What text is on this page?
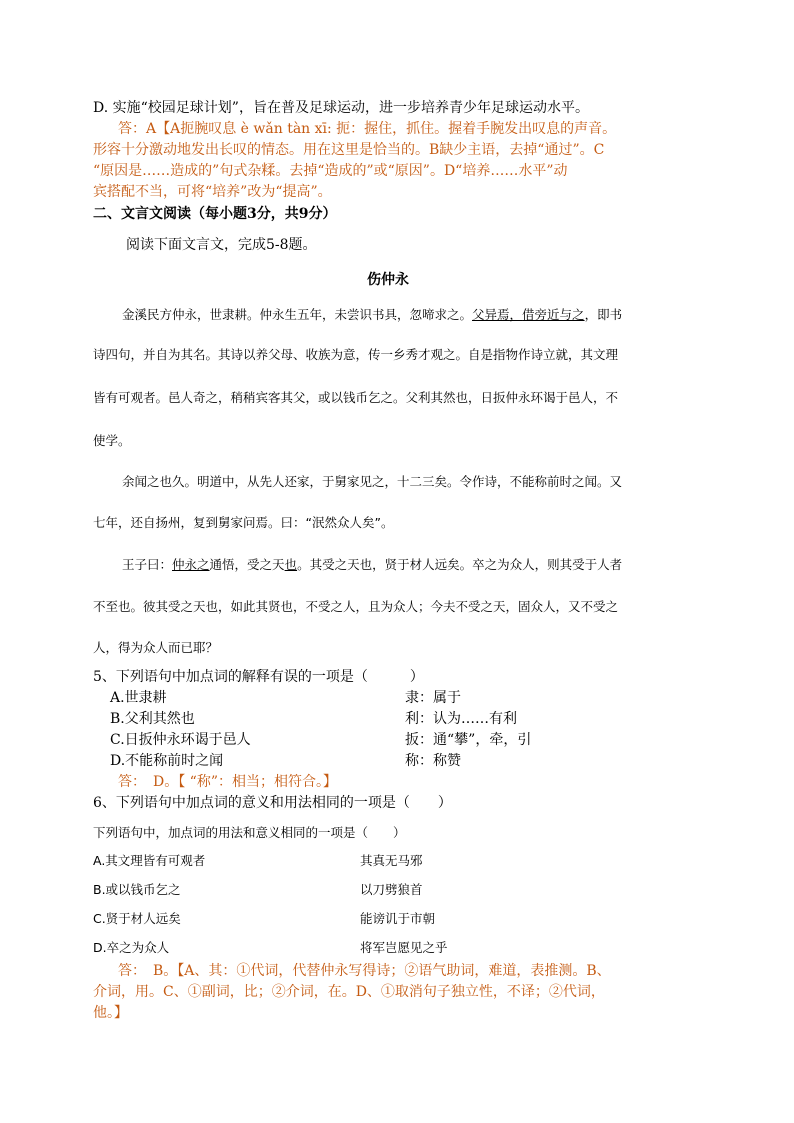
D. 实施“校园足球计划”，旨在普及足球运动，进一步培养青少年足球运动水平。
答：A【A扼腕叹息 è wǎn tàn xī: 扼：握住，抓住。握着手腕发出叹息的声音。
形容十分激动地发出长叹的情态。用在这里是恰当的。B缺少主语，去掉“通过”。C
“原因是……造成的”句式杂糅。去掉“造成的”或“原因”。D“培养……水平”动
宾搭配不当，可将“培养”改为“提高”。
二、文言文阅读（每小题3分，共9分）
阅读下面文言文，完成5-8题。
伤仲永
金溪民方仲永，世隶耕。仲永生五年，未尝识书具，忽啼求之。父异焉，借旁近与之，即书
诗四句，并自为其名。其诗以养父母、收族为意，传一乡秀才观之。自是指物作诗立就，其文理
皆有可观者。邑人奇之，稍稍宾客其父，或以钱币乞之。父利其然也，日扳仲永环谒于邑人，不
使学。
余闻之也久。明道中，从先人还家，于舅家见之，十二三矣。令作诗，不能称前时之闻。又
七年，还自扬州，复到舅家问焉。曰：“泯然众人矣”。
王子曰：仲永之通悟，受之天也。其受之天也，贤于材人远矣。卒之为众人，则其受于人者
不至也。彼其受之天也，如此其贤也，不受之人，且为众人；今夫不受之天，固众人，又不受之
人，得为众人而已耶？
5、下列语句中加点词的解释有误的一项是（　　　）
A.世隶耕	隶：属于
B.父利其然也	利：认为……有利
C.日扳仲永环谒于邑人	扳：通“攀”，牵，引
D.不能称前时之闻	称：称赞
答：　D。【 “称”：相当；相符合。】
6、下列语句中加点词的意义和用法相同的一项是（　　）
下列语句中，加点词的用法和意义相同的一项是（　　）
A.其文理皆有可观者	其真无马邪
B.或以钱币乞之	以刀劈狼首
C.贤于材人远矣	能谤讥于市朝
D.卒之为众人	将军岂愿见之乎
答：　B。【A、其：①代词，代替仲永写得诗；②语气助词，难道，表推测。B、
介词，用。C、①副词，比；②介词，在。D、①取消句子独立性，不译；②代词，
他。】
